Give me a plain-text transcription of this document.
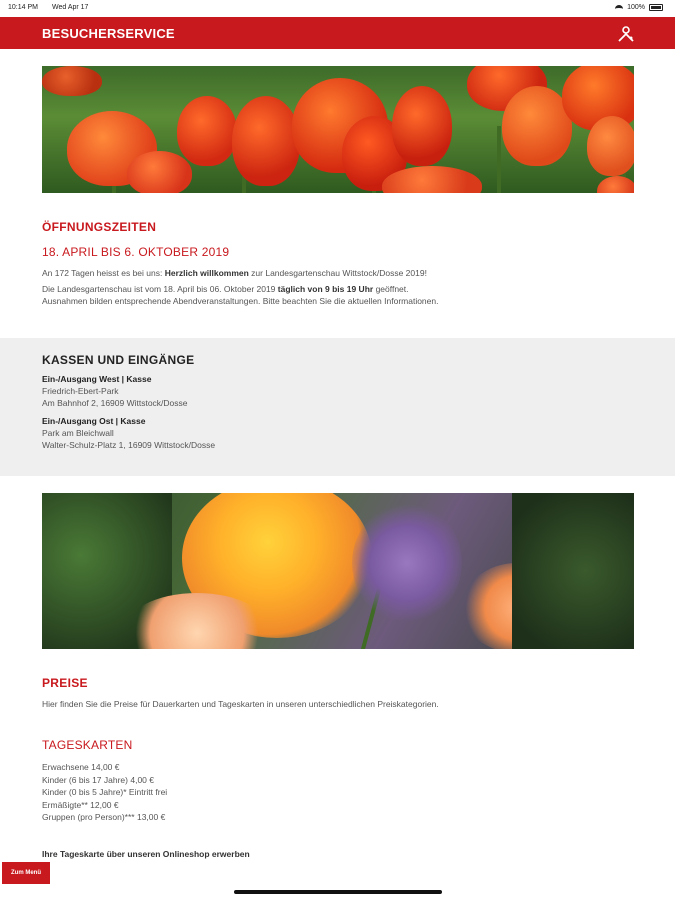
10:14 PM Wed Apr 17	100%
BESUCHERSERVICE
ÖFFNUNGSZEITEN
18. APRIL BIS 6. OKTOBER 2019
An 172 Tagen heisst es bei uns: Herzlich willkommen zur Landesgartenschau Wittstock/Dosse 2019!
Die Landesgartenschau ist vom 18. April bis 06. Oktober 2019 täglich von 9 bis 19 Uhr geöffnet.
Ausnahmen bilden entsprechende Abendveranstaltungen. Bitte beachten Sie die aktuellen Informationen.
KASSEN UND EINGÄNGE
Ein-/Ausgang West | Kasse
Friedrich-Ebert-Park
Am Bahnhof 2, 16909 Wittstock/Dosse
Ein-/Ausgang Ost | Kasse
Park am Bleichwall
Walter-Schulz-Platz 1, 16909 Wittstock/Dosse
PREISE
Hier finden Sie die Preise für Dauerkarten und Tageskarten in unseren unterschiedlichen Preiskategorien.
TAGESKARTEN
Erwachsene 14,00 €
Kinder (6 bis 17 Jahre) 4,00 €
Kinder (0 bis 5 Jahre)* Eintritt frei
Ermäßigte** 12,00 €
Gruppen (pro Person)*** 13,00 €
Ihre Tageskarte über unseren Onlineshop erwerben
Zum Menü
